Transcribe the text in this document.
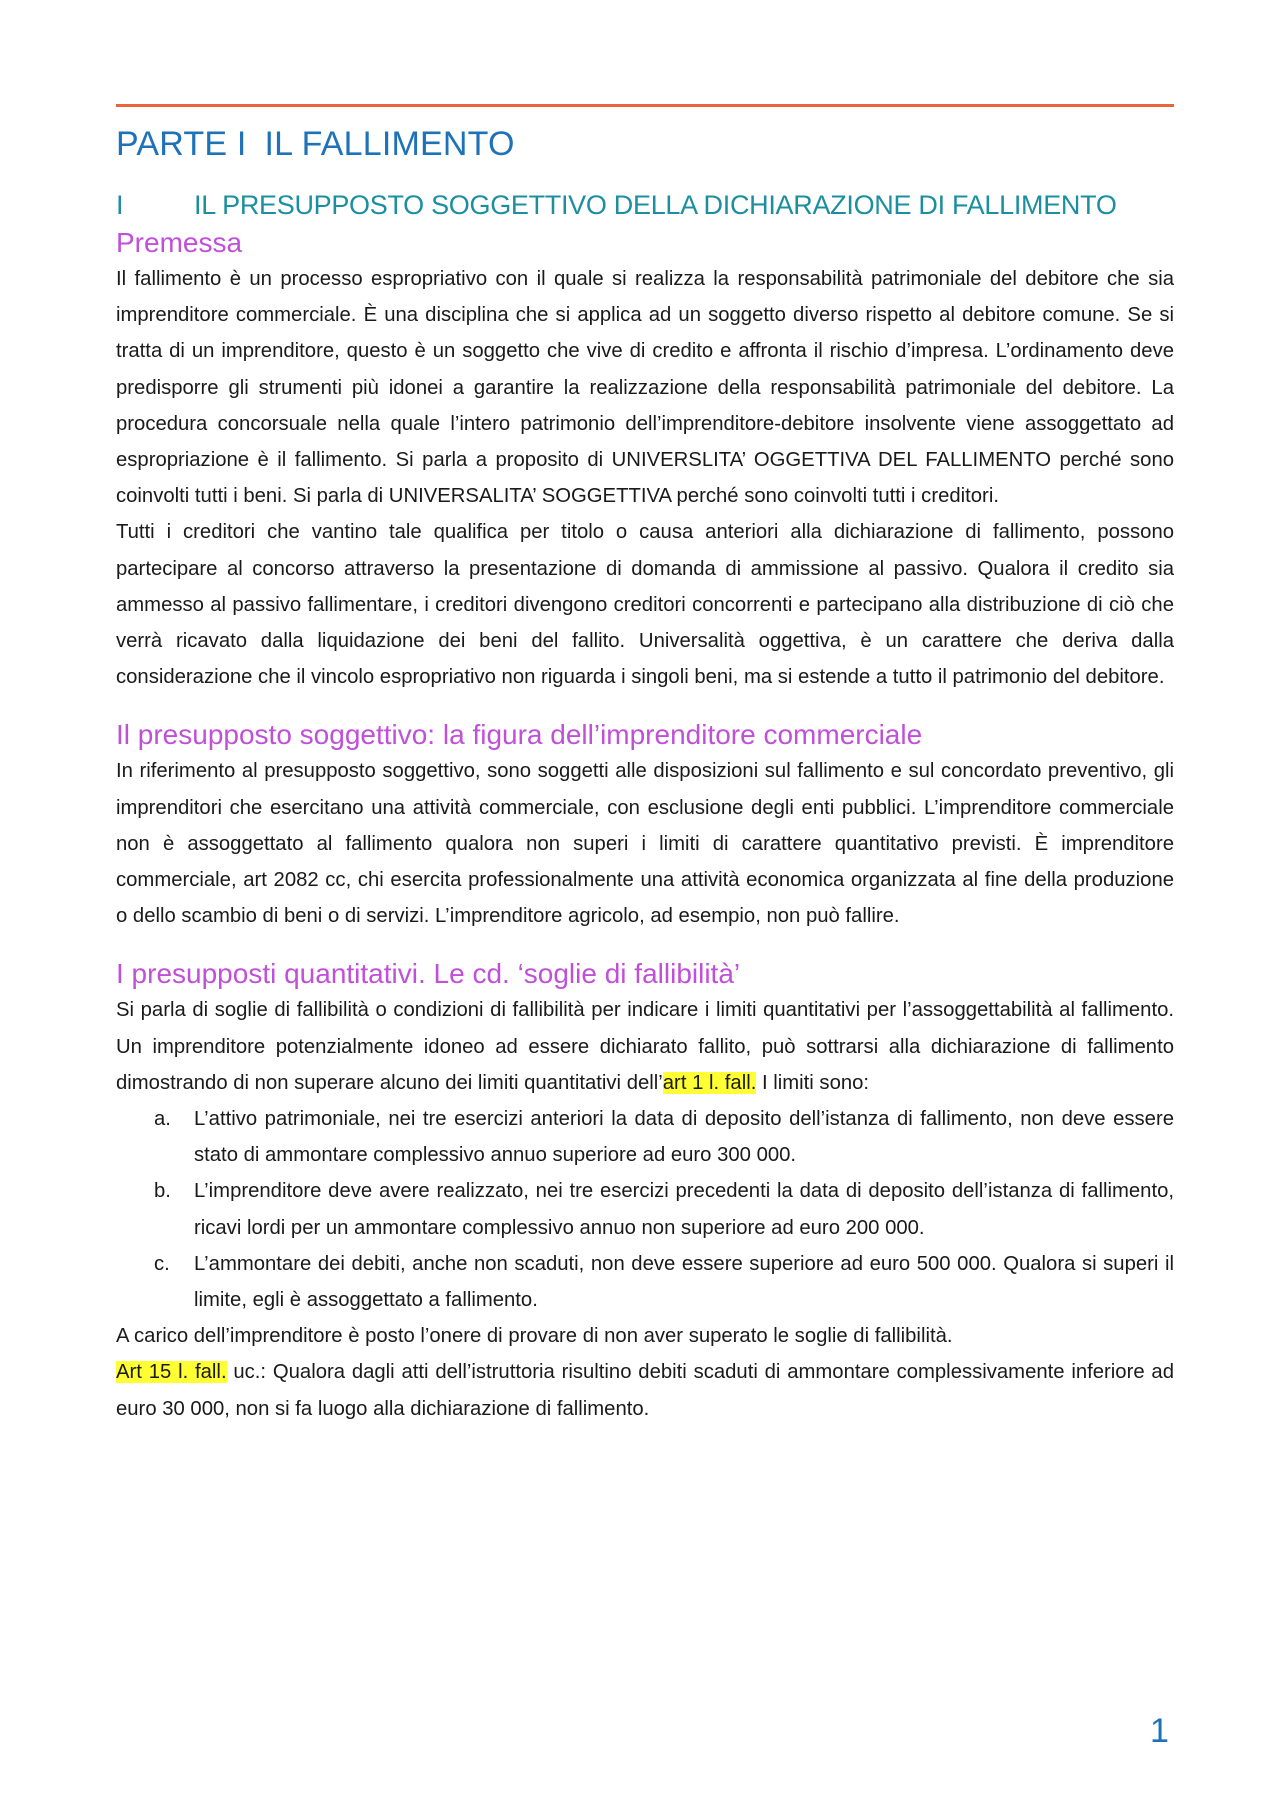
PARTE I IL FALLIMENTO
I	IL PRESUPPOSTO SOGGETTIVO DELLA DICHIARAZIONE DI FALLIMENTO
Premessa

Il fallimento è un processo espropriativo con il quale si realizza la responsabilità patrimoniale del debitore che sia imprenditore commerciale. È una disciplina che si applica ad un soggetto diverso rispetto al debitore comune. Se si tratta di un imprenditore, questo è un soggetto che vive di credito e affronta il rischio d’impresa. L’ordinamento deve predisporre gli strumenti più idonei a garantire la realizzazione della responsabilità patrimoniale del debitore. La procedura concorsuale nella quale l’intero patrimonio dell’imprenditore-debitore insolvente viene assoggettato ad espropriazione è il fallimento. Si parla a proposito di UNIVERSLITA’ OGGETTIVA DEL FALLIMENTO perché sono coinvolti tutti i beni. Si parla di UNIVERSALITA’ SOGGETTIVA perché sono coinvolti tutti i creditori.

Tutti i creditori che vantino tale qualifica per titolo o causa anteriori alla dichiarazione di fallimento, possono partecipare al concorso attraverso la presentazione di domanda di ammissione al passivo. Qualora il credito sia ammesso al passivo fallimentare, i creditori divengono creditori concorrenti e partecipano alla distribuzione di ciò che verrà ricavato dalla liquidazione dei beni del fallito. Universalità oggettiva, è un carattere che deriva dalla considerazione che il vincolo espropriativo non riguarda i singoli beni, ma si estende a tutto il patrimonio del debitore.

Il presupposto soggettivo: la figura dell’imprenditore commerciale

In riferimento al presupposto soggettivo, sono soggetti alle disposizioni sul fallimento e sul concordato preventivo, gli imprenditori che esercitano una attività commerciale, con esclusione degli enti pubblici. L’imprenditore commerciale non è assoggettato al fallimento qualora non superi i limiti di carattere quantitativo previsti. È imprenditore commerciale, art 2082 cc, chi esercita professionalmente una attività economica organizzata al fine della produzione o dello scambio di beni o di servizi. L’imprenditore agricolo, ad esempio, non può fallire.

I presupposti quantitativi. Le cd. ‘soglie di fallibilità’

Si parla di soglie di fallibilità o condizioni di fallibilità per indicare i limiti quantitativi per l’assoggettabilità al fallimento. Un imprenditore potenzialmente idoneo ad essere dichiarato fallito, può sottrarsi alla dichiarazione di fallimento dimostrando di non superare alcuno dei limiti quantitativi dell’art 1 l. fall. I limiti sono:

a.	L’attivo patrimoniale, nei tre esercizi anteriori la data di deposito dell’istanza di fallimento, non deve essere stato di ammontare complessivo annuo superiore ad euro 300 000.
b.	L’imprenditore deve avere realizzato, nei tre esercizi precedenti la data di deposito dell’istanza di fallimento, ricavi lordi per un ammontare complessivo annuo non superiore ad euro 200 000.
c.	L’ammontare dei debiti, anche non scaduti, non deve essere superiore ad euro 500 000. Qualora si superi il limite, egli è assoggettato a fallimento.

A carico dell’imprenditore è posto l’onere di provare di non aver superato le soglie di fallibilità.

Art 15 l. fall. uc.: Qualora dagli atti dell’istruttoria risultino debiti scaduti di ammontare complessivamente inferiore ad euro 30 000, non si fa luogo alla dichiarazione di fallimento.

1
